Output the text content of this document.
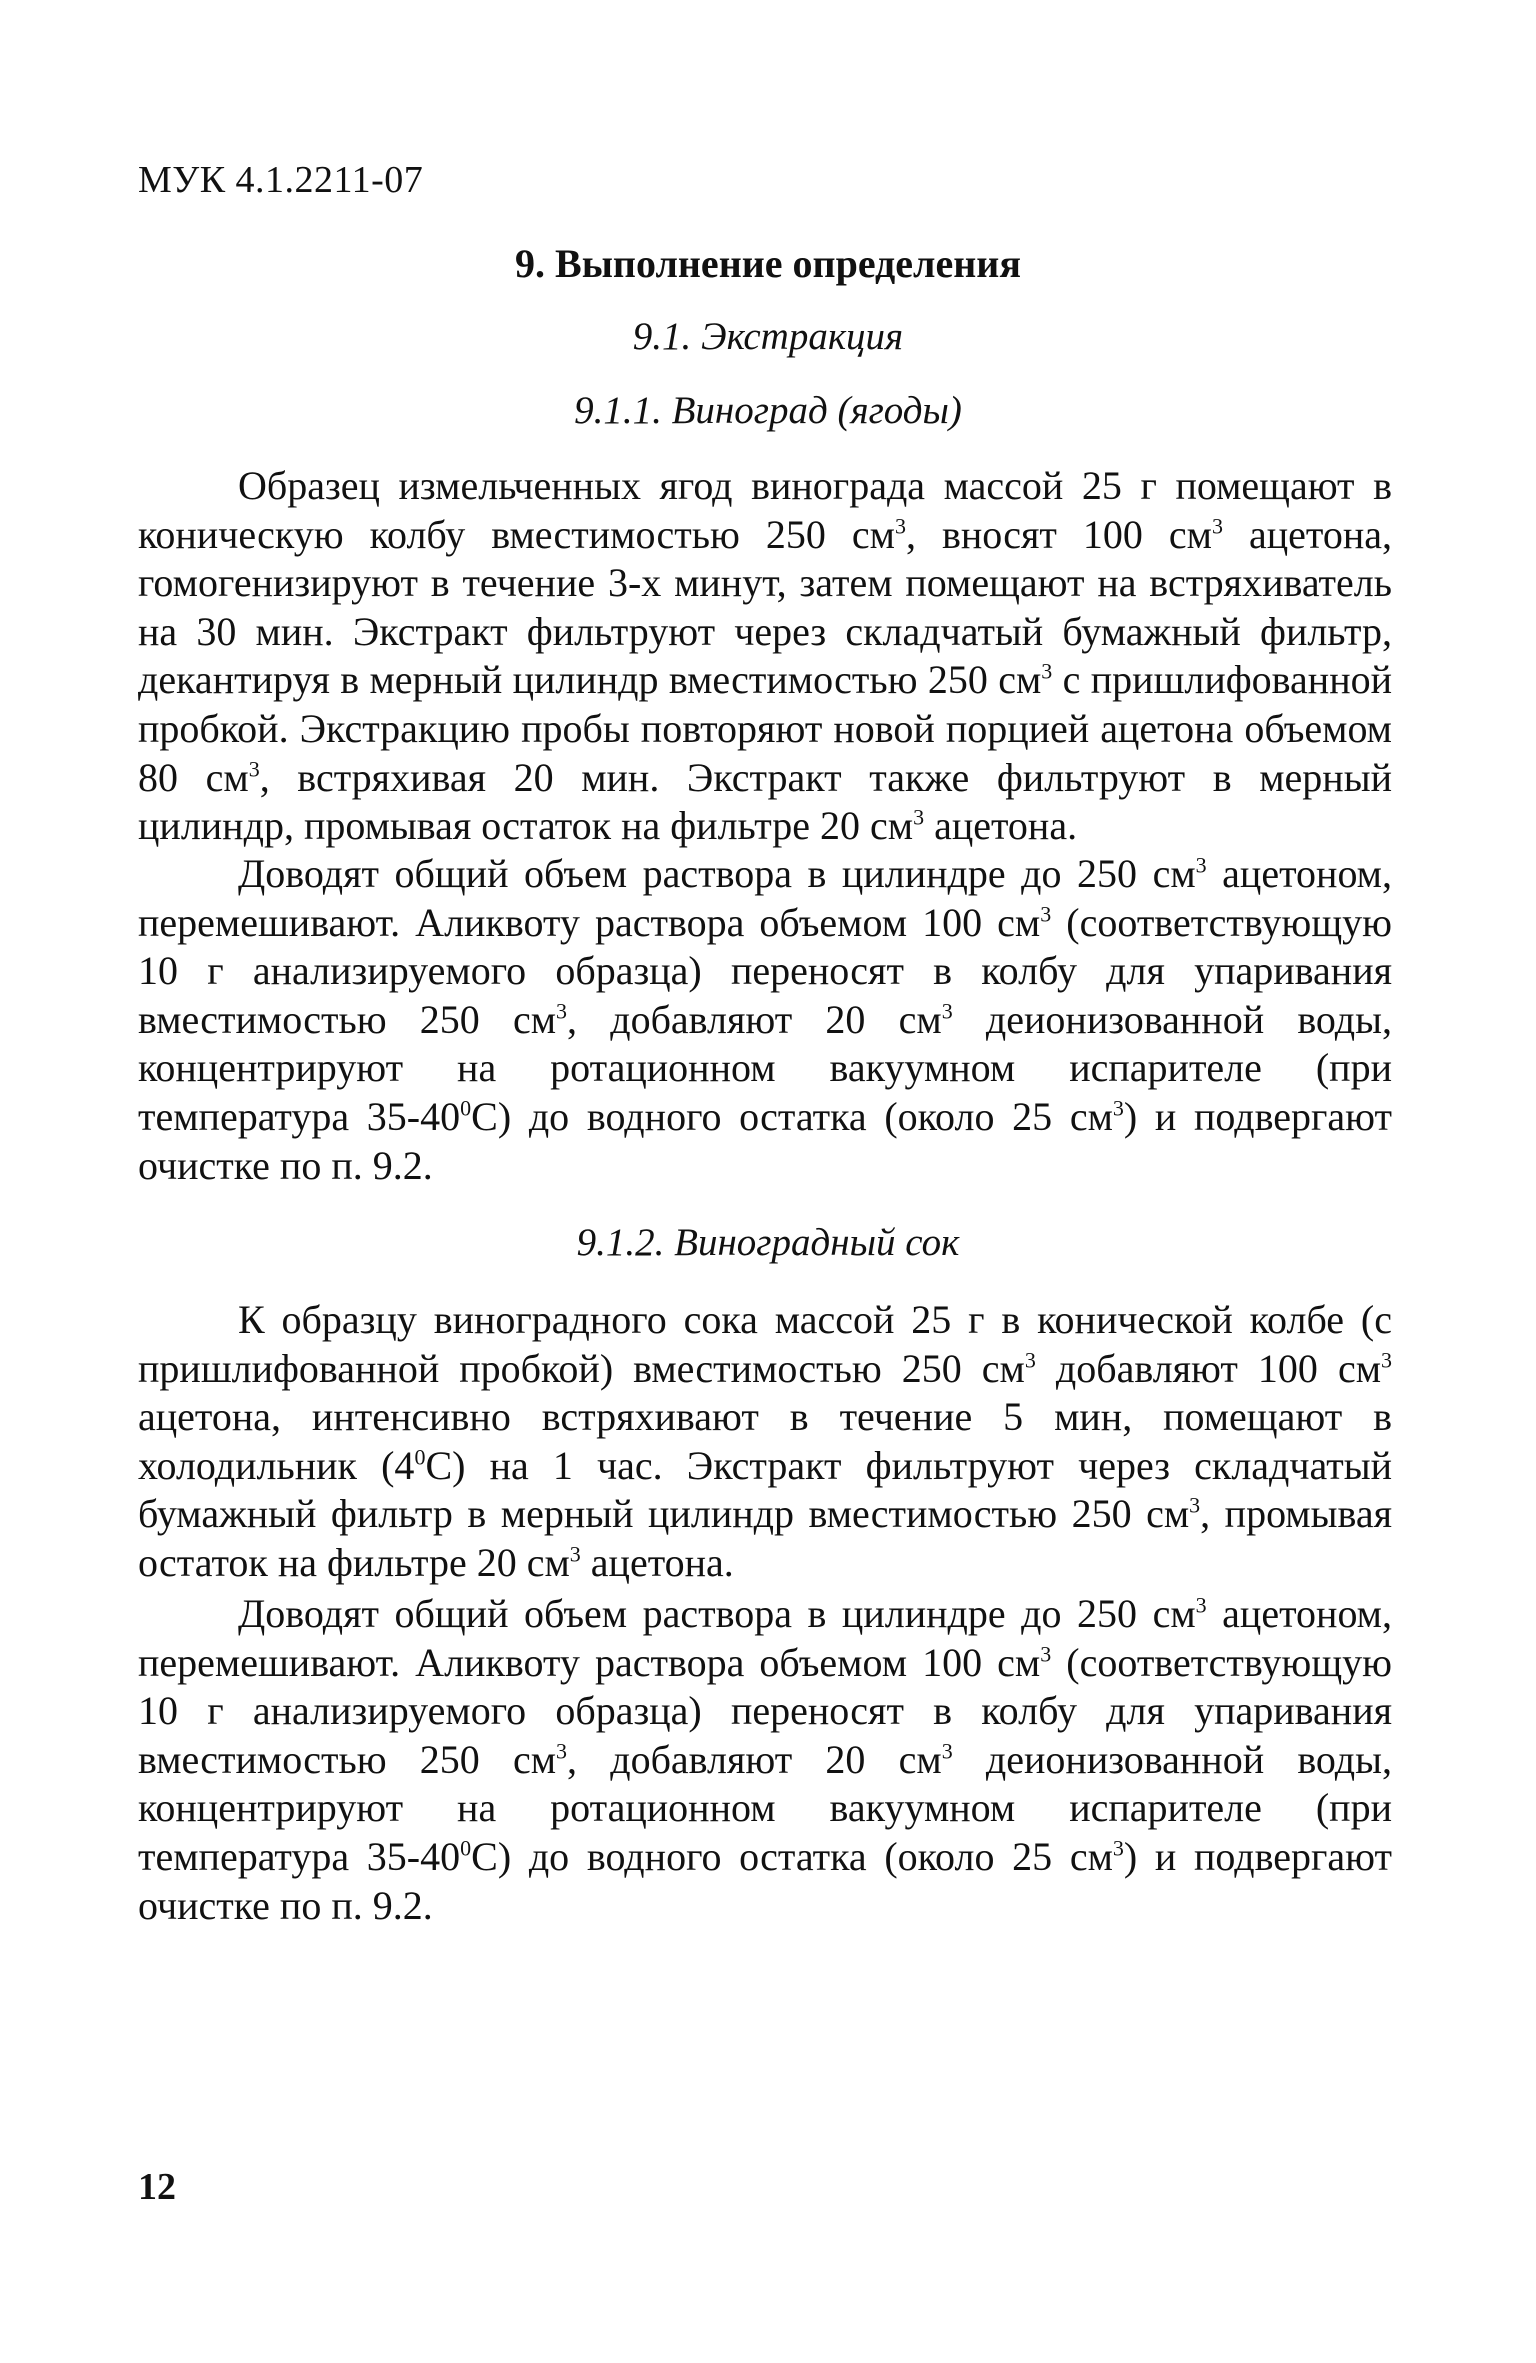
МУК 4.1.2211-07
9. Выполнение определения
9.1. Экстракция
9.1.1. Виноград (ягоды)

Образец измельченных ягод винограда массой 25 г помещают в коническую колбу вместимостью 250 $см^3$, вносят 100 $см^3$ ацетона, гомогенизируют в течение 3-х минут, затем помещают на встряхиватель на 30 мин. Экстракт фильтруют через складчатый бумажный фильтр, декантируя в мерный цилиндр вместимостью 250 $см^3$ с пришлифованной пробкой. Экстракцию пробы повторяют новой порцией ацетона объемом 80 $см^3$, встряхивая 20 мин. Экстракт также фильтруют в мерный цилиндр, промывая остаток на фильтре 20 $см^3$ ацетона.

Доводят общий объем раствора в цилиндре до 250 $см^3$ ацетоном, перемешивают. Аликвоту раствора объемом 100 $см^3$ (соответствующую 10 г анализируемого образца) переносят в колбу для упаривания вместимостью 250 $см^3$, добавляют 20 $см^3$ деионизованной воды, концентрируют на ротационном вакуумном испарителе (при температура $35-40^0С$) до водного остатка (около 25 $см^3$) и подвергают очистке по п. 9.2.

9.1.2. Виноградный сок

К образцу виноградного сока массой 25 г в конической колбе (с пришлифованной пробкой) вместимостью 250 $см^3$ добавляют 100 $см^3$ ацетона, интенсивно встряхивают в течение 5 мин, помещают в холодильник $(4^0С)$ на 1 час. Экстракт фильтруют через складчатый бумажный фильтр в мерный цилиндр вместимостью 250 $см^3$, промывая остаток на фильтре 20 $см^3$ ацетона.

Доводят общий объем раствора в цилиндре до 250 $см^3$ ацетоном, перемешивают. Аликвоту раствора объемом 100 $см^3$ (соответствующую 10 г анализируемого образца) переносят в колбу для упаривания вместимостью 250 $см^3$, добавляют 20 $см^3$ деионизованной воды, концентрируют на ротационном вакуумном испарителе (при температура $35-40^0С$) до водного остатка (около 25 $см^3$) и подвергают очистке по п. 9.2.

12
